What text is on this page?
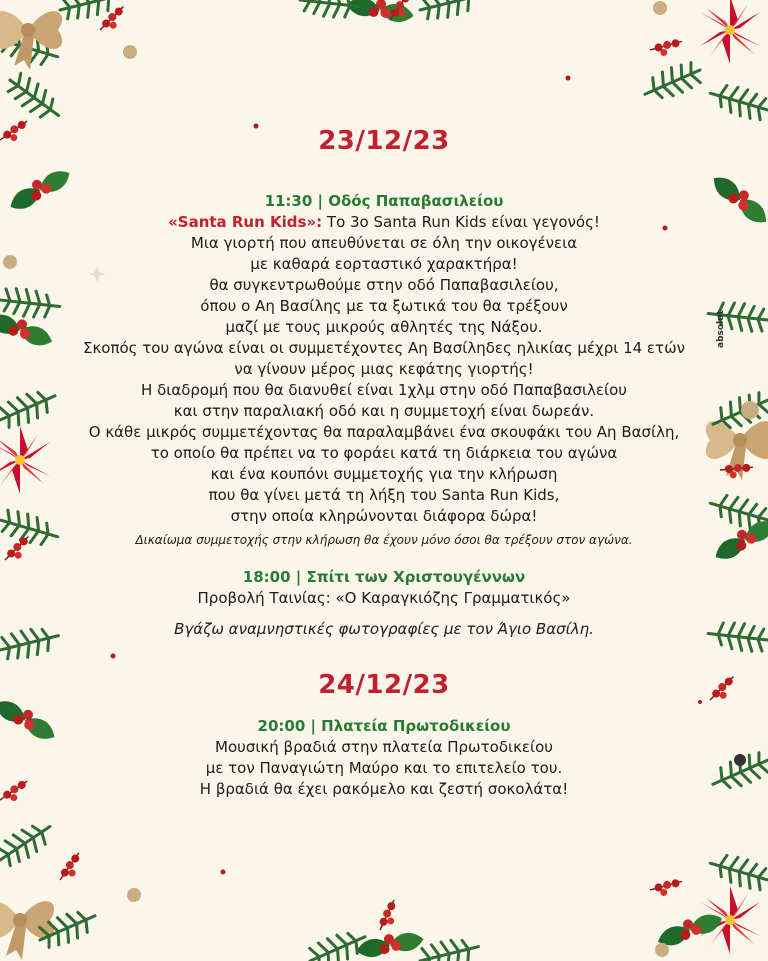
absolut
23/12/23
11:30 | Οδός Παπαβασιλείου
«Santa Run Kids»: Το 3ο Santa Run Kids είναι γεγονός!
Μια γιορτή που απευθύνεται σε όλη την οικογένεια
με καθαρά εορταστικό χαρακτήρα!
θα συγκεντρωθούμε στην οδό Παπαβασιλείου,
όπου ο Αη Βασίλης με τα ξωτικά του θα τρέξουν
μαζί με τους μικρούς αθλητές της Νάξου.
Σκοπός του αγώνα είναι οι συμμετέχοντες Αη Βασίληδες ηλικίας μέχρι 14 ετών
να γίνουν μέρος μιας κεφάτης γιορτής!
Η διαδρομή που θα διανυθεί είναι 1χλμ στην οδό Παπαβασιλείου
και στην παραλιακή οδό και η συμμετοχή είναι δωρεάν.
Ο κάθε μικρός συμμετέχοντας θα παραλαμβάνει ένα σκουφάκι του Αη Βασίλη,
το οποίο θα πρέπει να το φοράει κατά τη διάρκεια του αγώνα
και ένα κουπόνι συμμετοχής για την κλήρωση
που θα γίνει μετά τη λήξη του Santa Run Kids,
στην οποία κληρώνονται διάφορα δώρα!
Δικαίωμα συμμετοχής στην κλήρωση θα έχουν μόνο όσοι θα τρέξουν στον αγώνα.
18:00 | Σπίτι των Χριστουγέννων
Προβολή Ταινίας: «Ο Καραγκιόζης Γραμματικός»
Βγάζω αναμνηστικές φωτογραφίες με τον Άγιο Βασίλη.
24/12/23
20:00 | Πλατεία Πρωτοδικείου
Μουσική βραδιά στην πλατεία Πρωτοδικείου
με τον Παναγιώτη Μαύρο και το επιτελείο του.
Η βραδιά θα έχει ρακόμελο και ζεστή σοκολάτα!
